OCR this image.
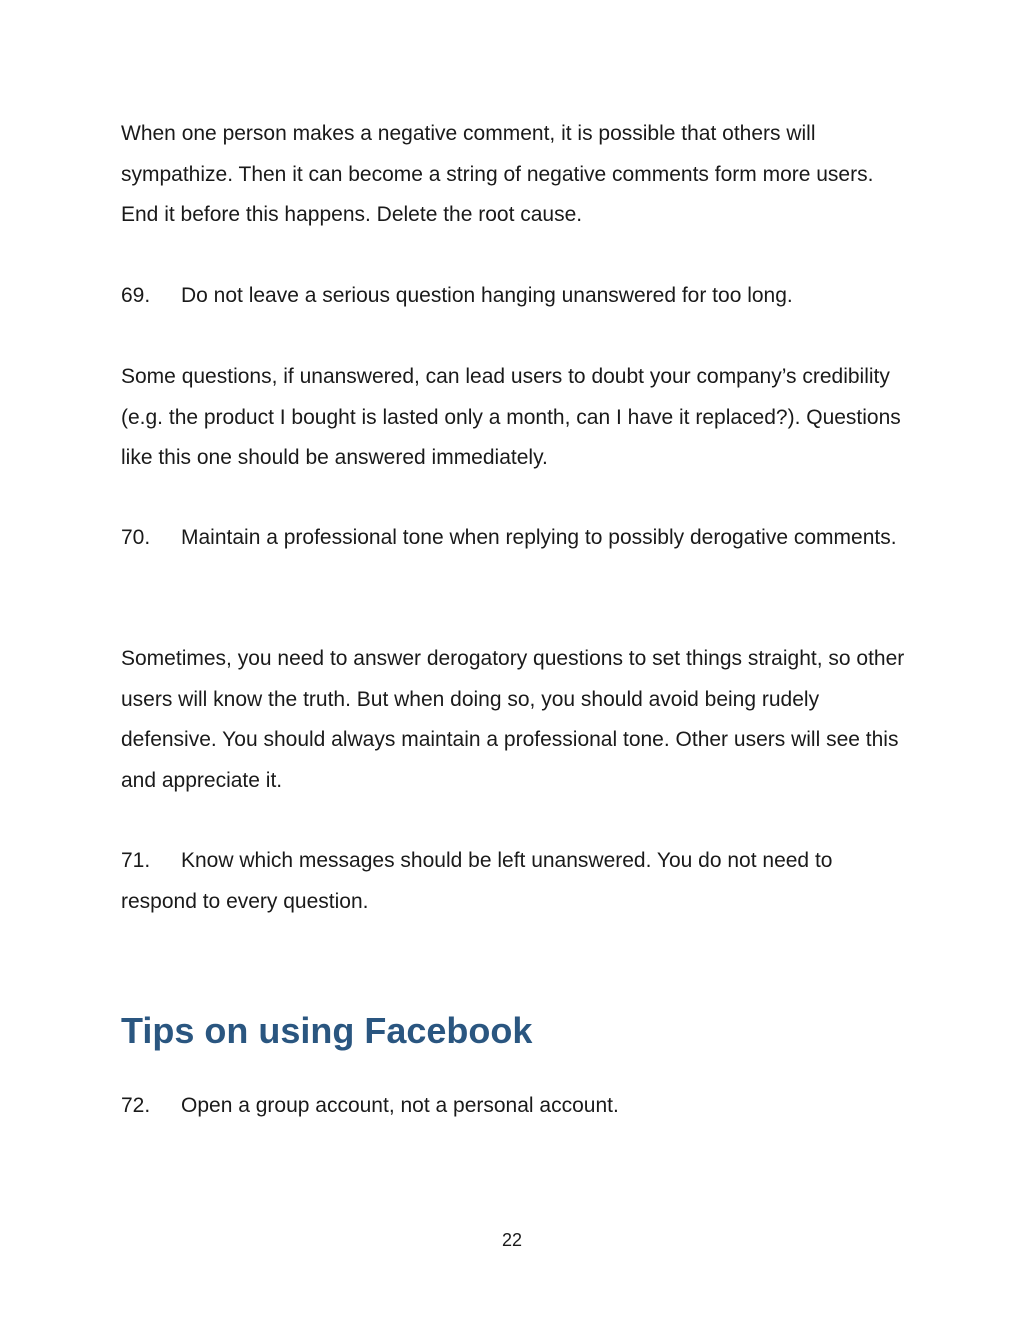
When one person makes a negative comment, it is possible that others will sympathize. Then it can become a string of negative comments form more users. End it before this happens. Delete the root cause.

69. Do not leave a serious question hanging unanswered for too long.

Some questions, if unanswered, can lead users to doubt your company’s credibility (e.g. the product I bought is lasted only a month, can I have it replaced?). Questions like this one should be answered immediately.

70. Maintain a professional tone when replying to possibly derogative comments.

Sometimes, you need to answer derogatory questions to set things straight, so other users will know the truth. But when doing so, you should avoid being rudely defensive. You should always maintain a professional tone. Other users will see this and appreciate it.

71. Know which messages should be left unanswered. You do not need to respond to every question.

Tips on using Facebook

72. Open a group account, not a personal account.

22
